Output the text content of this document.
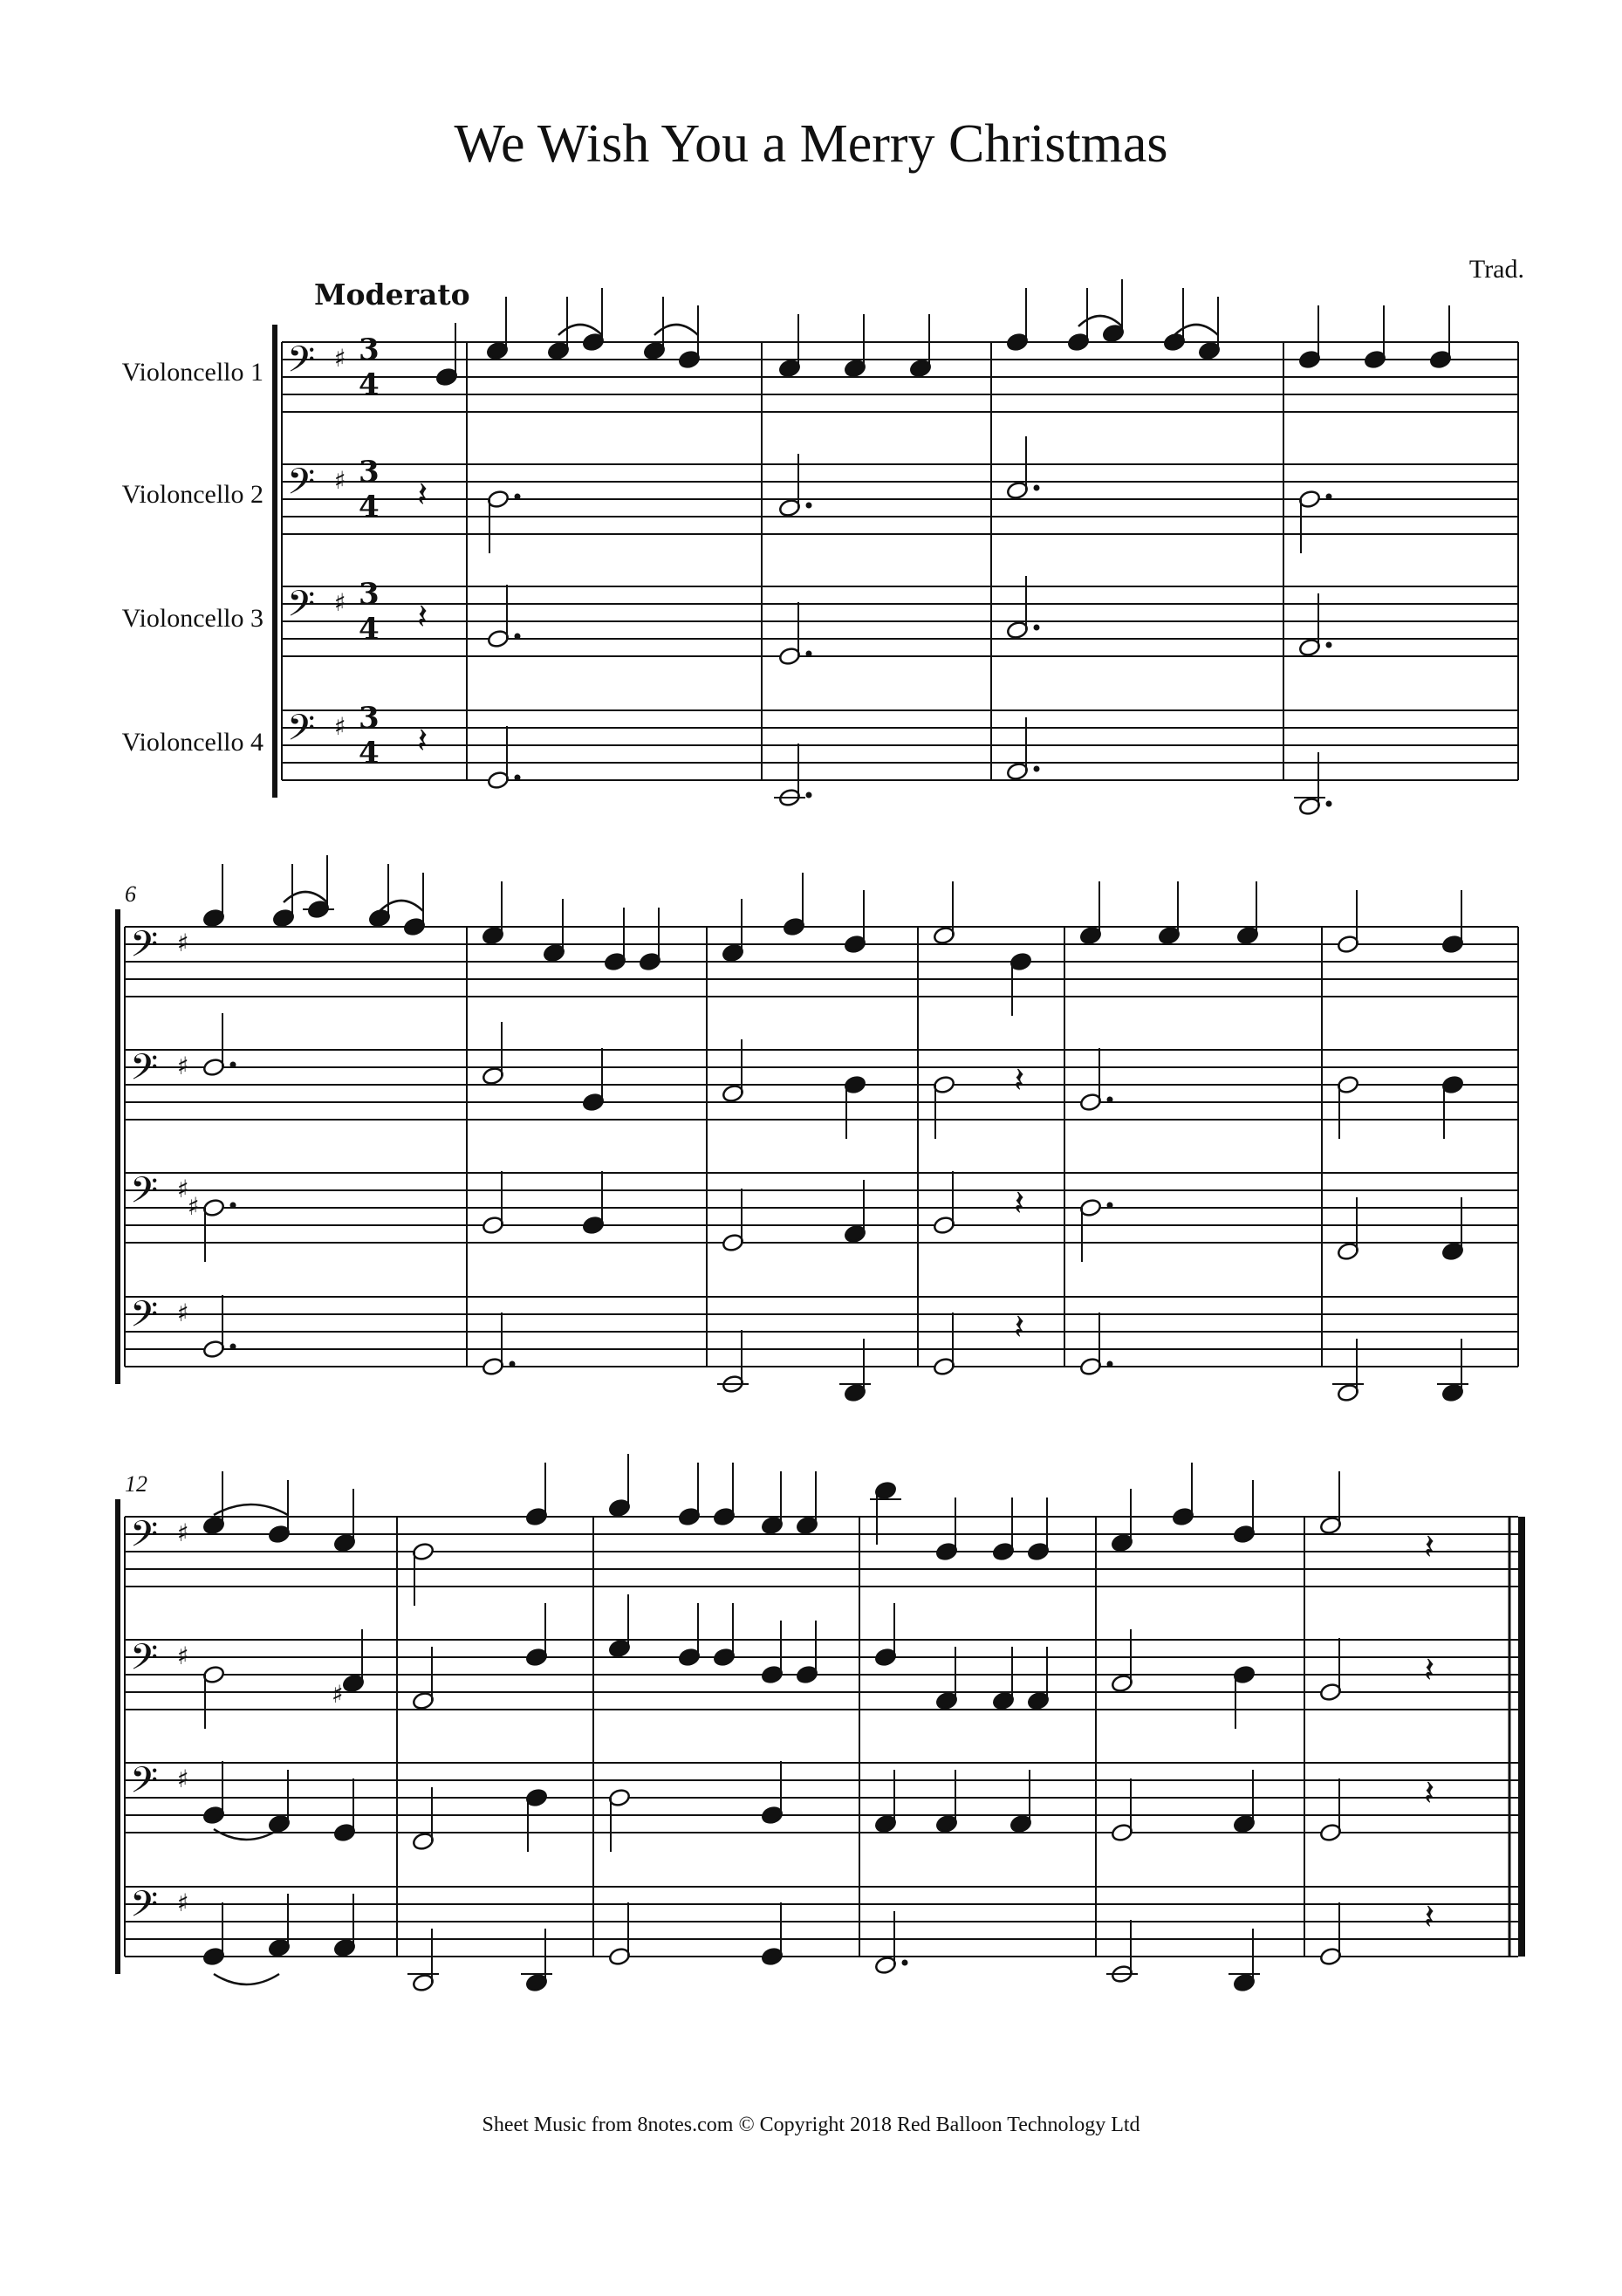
We Wish You a Merry Christmas
Trad.
Moderato
Violoncello 1
Violoncello 2
Violoncello 3
Violoncello 4
6
12
𝄢 ♯ 3
4
𝄢 ♯ 3
4
𝄢 ♯ 3
4
𝄢 ♯ 3
4
𝄽
𝄽
𝄽
𝄢 ♯
𝄢 ♯
𝄢 ♯
𝄢 ♯
𝄽
♯	𝄽
𝄽
𝄢 ♯
𝄢 ♯
𝄢 ♯
𝄢 ♯
𝄽
♯
𝄽
𝄽
𝄽
Sheet Music from 8notes.com © Copyright 2018 Red Balloon Technology Ltd
